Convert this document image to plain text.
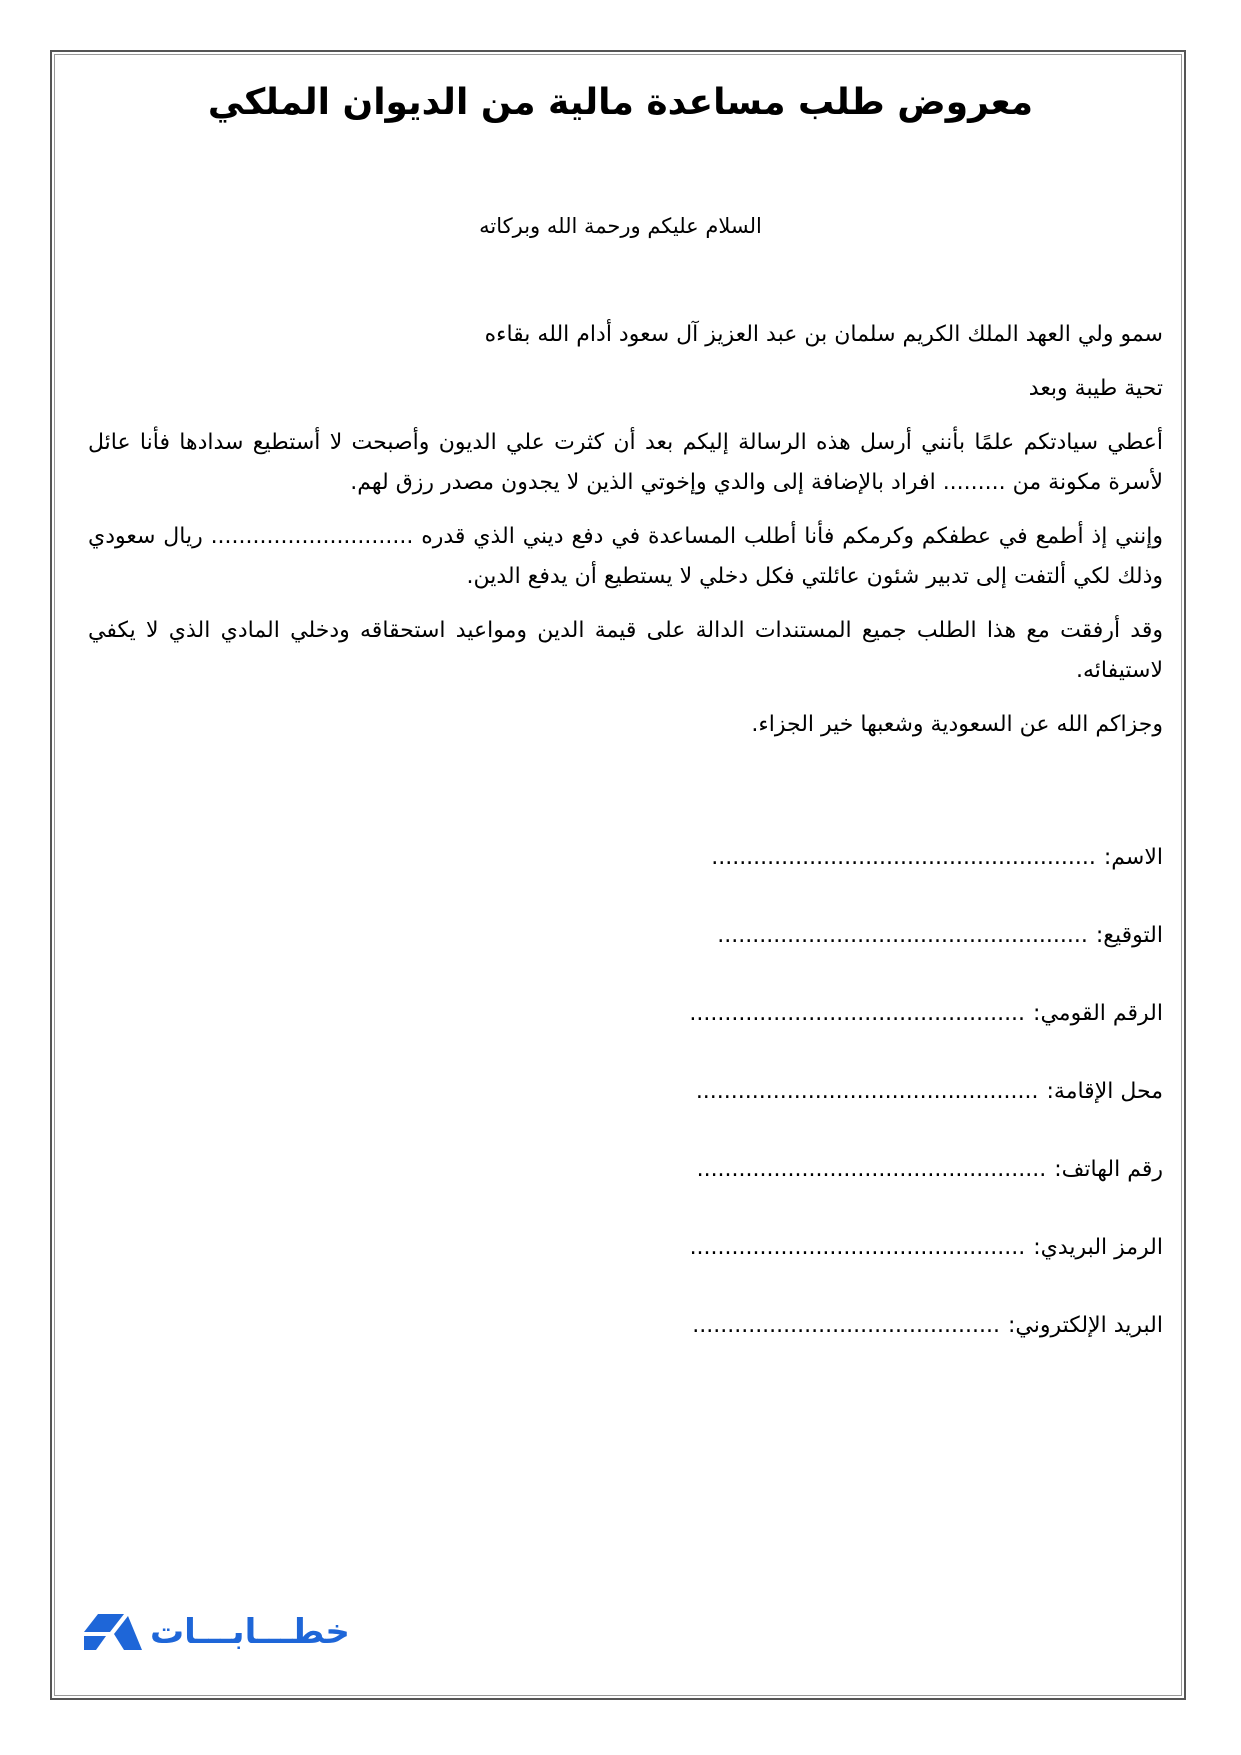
معروض طلب مساعدة مالية من الديوان الملكي
السلام عليكم ورحمة الله وبركاته

سمو ولي العهد الملك الكريم سلمان بن عبد العزيز آل سعود أدام الله بقاءه

تحية طيبة وبعد

أعطي سيادتكم علمًا بأنني أرسل هذه الرسالة إليكم بعد أن كثرت علي الديون وأصبحت لا أستطيع سدادها فأنا عائل لأسرة مكونة من ......... افراد بالإضافة إلى والدي وإخوتي الذين لا يجدون مصدر رزق لهم.

وإنني إذ أطمع في عطفكم وكرمكم فأنا أطلب المساعدة في دفع ديني الذي قدره ............................. ريال سعودي وذلك لكي ألتفت إلى تدبير شئون عائلتي فكل دخلي لا يستطيع أن يدفع الدين.

وقد أرفقت مع هذا الطلب جميع المستندات الدالة على قيمة الدين ومواعيد استحقاقه ودخلي المادي الذي لا يكفي لاستيفائه.

وجزاكم الله عن السعودية وشعبها خير الجزاء.

الاسم:
.......................................................
التوقيع:
.....................................................
الرقم القومي:
................................................
محل الإقامة:
.................................................
رقم الهاتف:
..................................................
الرمز البريدي:
................................................
البريد الإلكتروني:
............................................
خطـــابـــات
